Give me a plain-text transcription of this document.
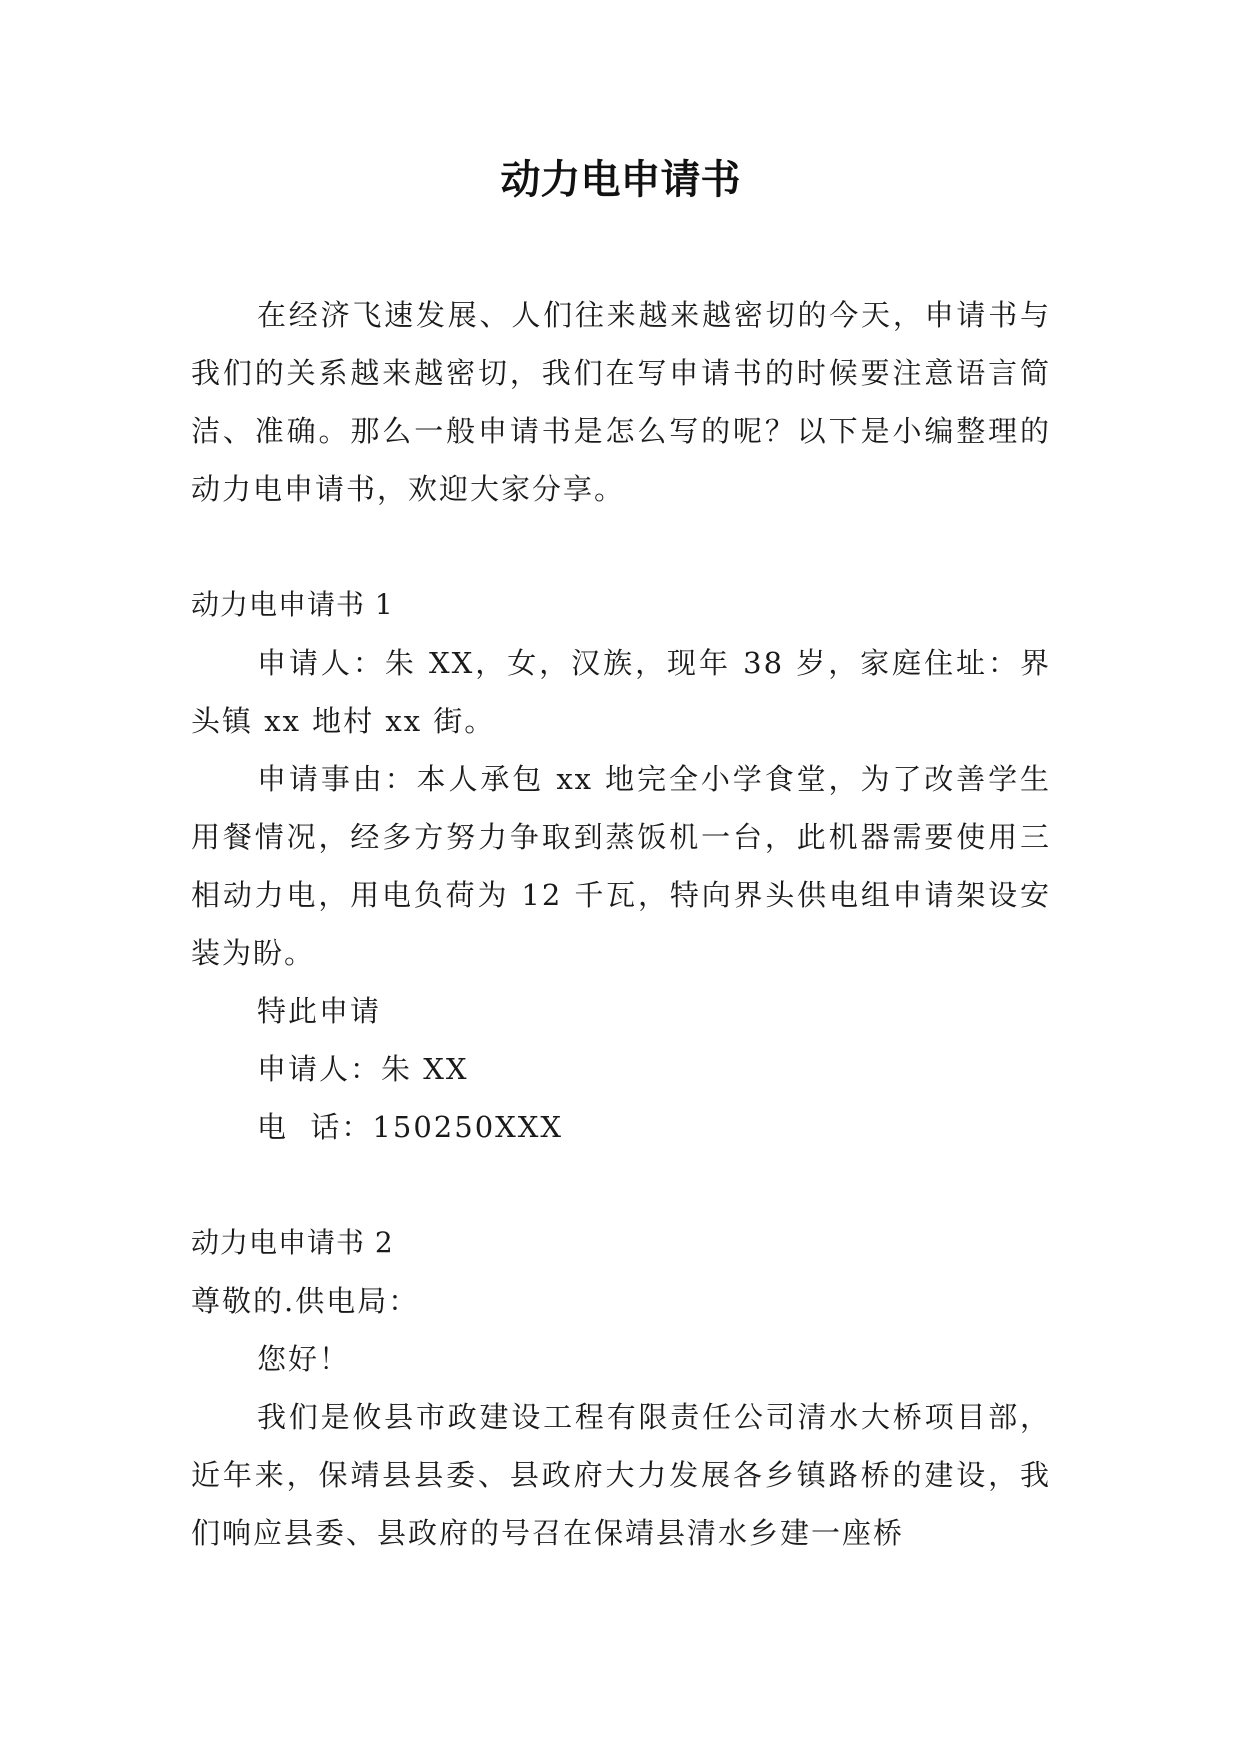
动力电申请书

在经济飞速发展、人们往来越来越密切的今天，申请书与我们的关系越来越密切，我们在写申请书的时候要注意语言简洁、准确。那么一般申请书是怎么写的呢？以下是小编整理的动力电申请书，欢迎大家分享。

动力电申请书 1

申请人：朱 XX，女，汉族，现年 38 岁，家庭住址：界头镇 xx 地村 xx 街。

申请事由：本人承包 xx 地完全小学食堂，为了改善学生用餐情况，经多方努力争取到蒸饭机一台，此机器需要使用三相动力电，用电负荷为 12 千瓦，特向界头供电组申请架设安装为盼。

特此申请

申请人：朱 XX

电  话：150250XXX

动力电申请书 2

尊敬的.供电局：

您好！

我们是攸县市政建设工程有限责任公司清水大桥项目部，近年来，保靖县县委、县政府大力发展各乡镇路桥的建设，我们响应县委、县政府的号召在保靖县清水乡建一座桥
